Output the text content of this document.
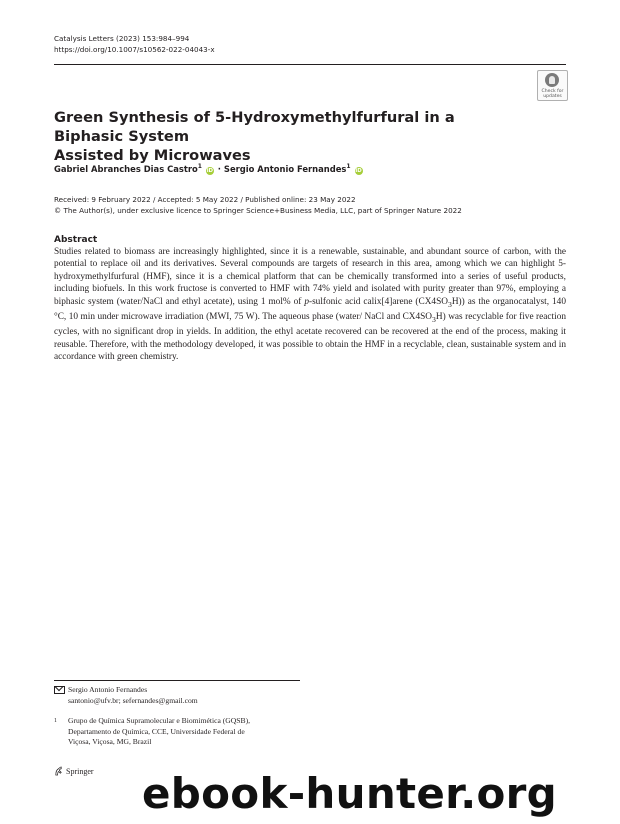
Catalysis Letters (2023) 153:984–994
https://doi.org/10.1007/s10562-022-04043-x
Check for
updates
Green Synthesis of 5-Hydroxymethylfurfural in a Biphasic System
Assisted by Microwaves
Gabriel Abranches Dias Castro$^1$ iD · Sergio Antonio Fernandes$^1$ iD
Received: 9 February 2022 / Accepted: 5 May 2022 / Published online: 23 May 2022
© The Author(s), under exclusive licence to Springer Science+Business Media, LLC, part of Springer Nature 2022
Abstract
Studies related to biomass are increasingly highlighted, since it is a renewable, sustainable, and abundant source of carbon, with the potential to replace oil and its derivatives. Several compounds are targets of research in this area, among which we can highlight 5-hydroxymethylfurfural (HMF), since it is a chemical platform that can be chemically transformed into a series of useful products, including biofuels. In this work fructose is converted to HMF with 74% yield and isolated with purity greater than 97%, employing a biphasic system (water/NaCl and ethyl acetate), using 1 mol% of p-sulfonic acid calix[4]arene $(CX4SO_3H)$) as the organocatalyst, 140 °C, 10 min under microwave irradiation (MWI, 75 W). The aqueous phase (water/ NaCl and $CX4SO_3H$) was recyclable for five reaction cycles, with no significant drop in yields. In addition, the ethyl acetate recovered can be recovered at the end of the process, making it reusable. Therefore, with the methodology developed, it was possible to obtain the HMF in a recyclable, clean, sustainable system and in accordance with green chemistry.
Sergio Antonio Fernandes
santonio@ufv.br; sefernandes@gmail.com
1 Grupo de Química Supramolecular e Biomimética (GQSB),
Departamento de Química, CCE, Universidade Federal de
Viçosa, Viçosa, MG, Brazil
Springer ebook-hunter.org
